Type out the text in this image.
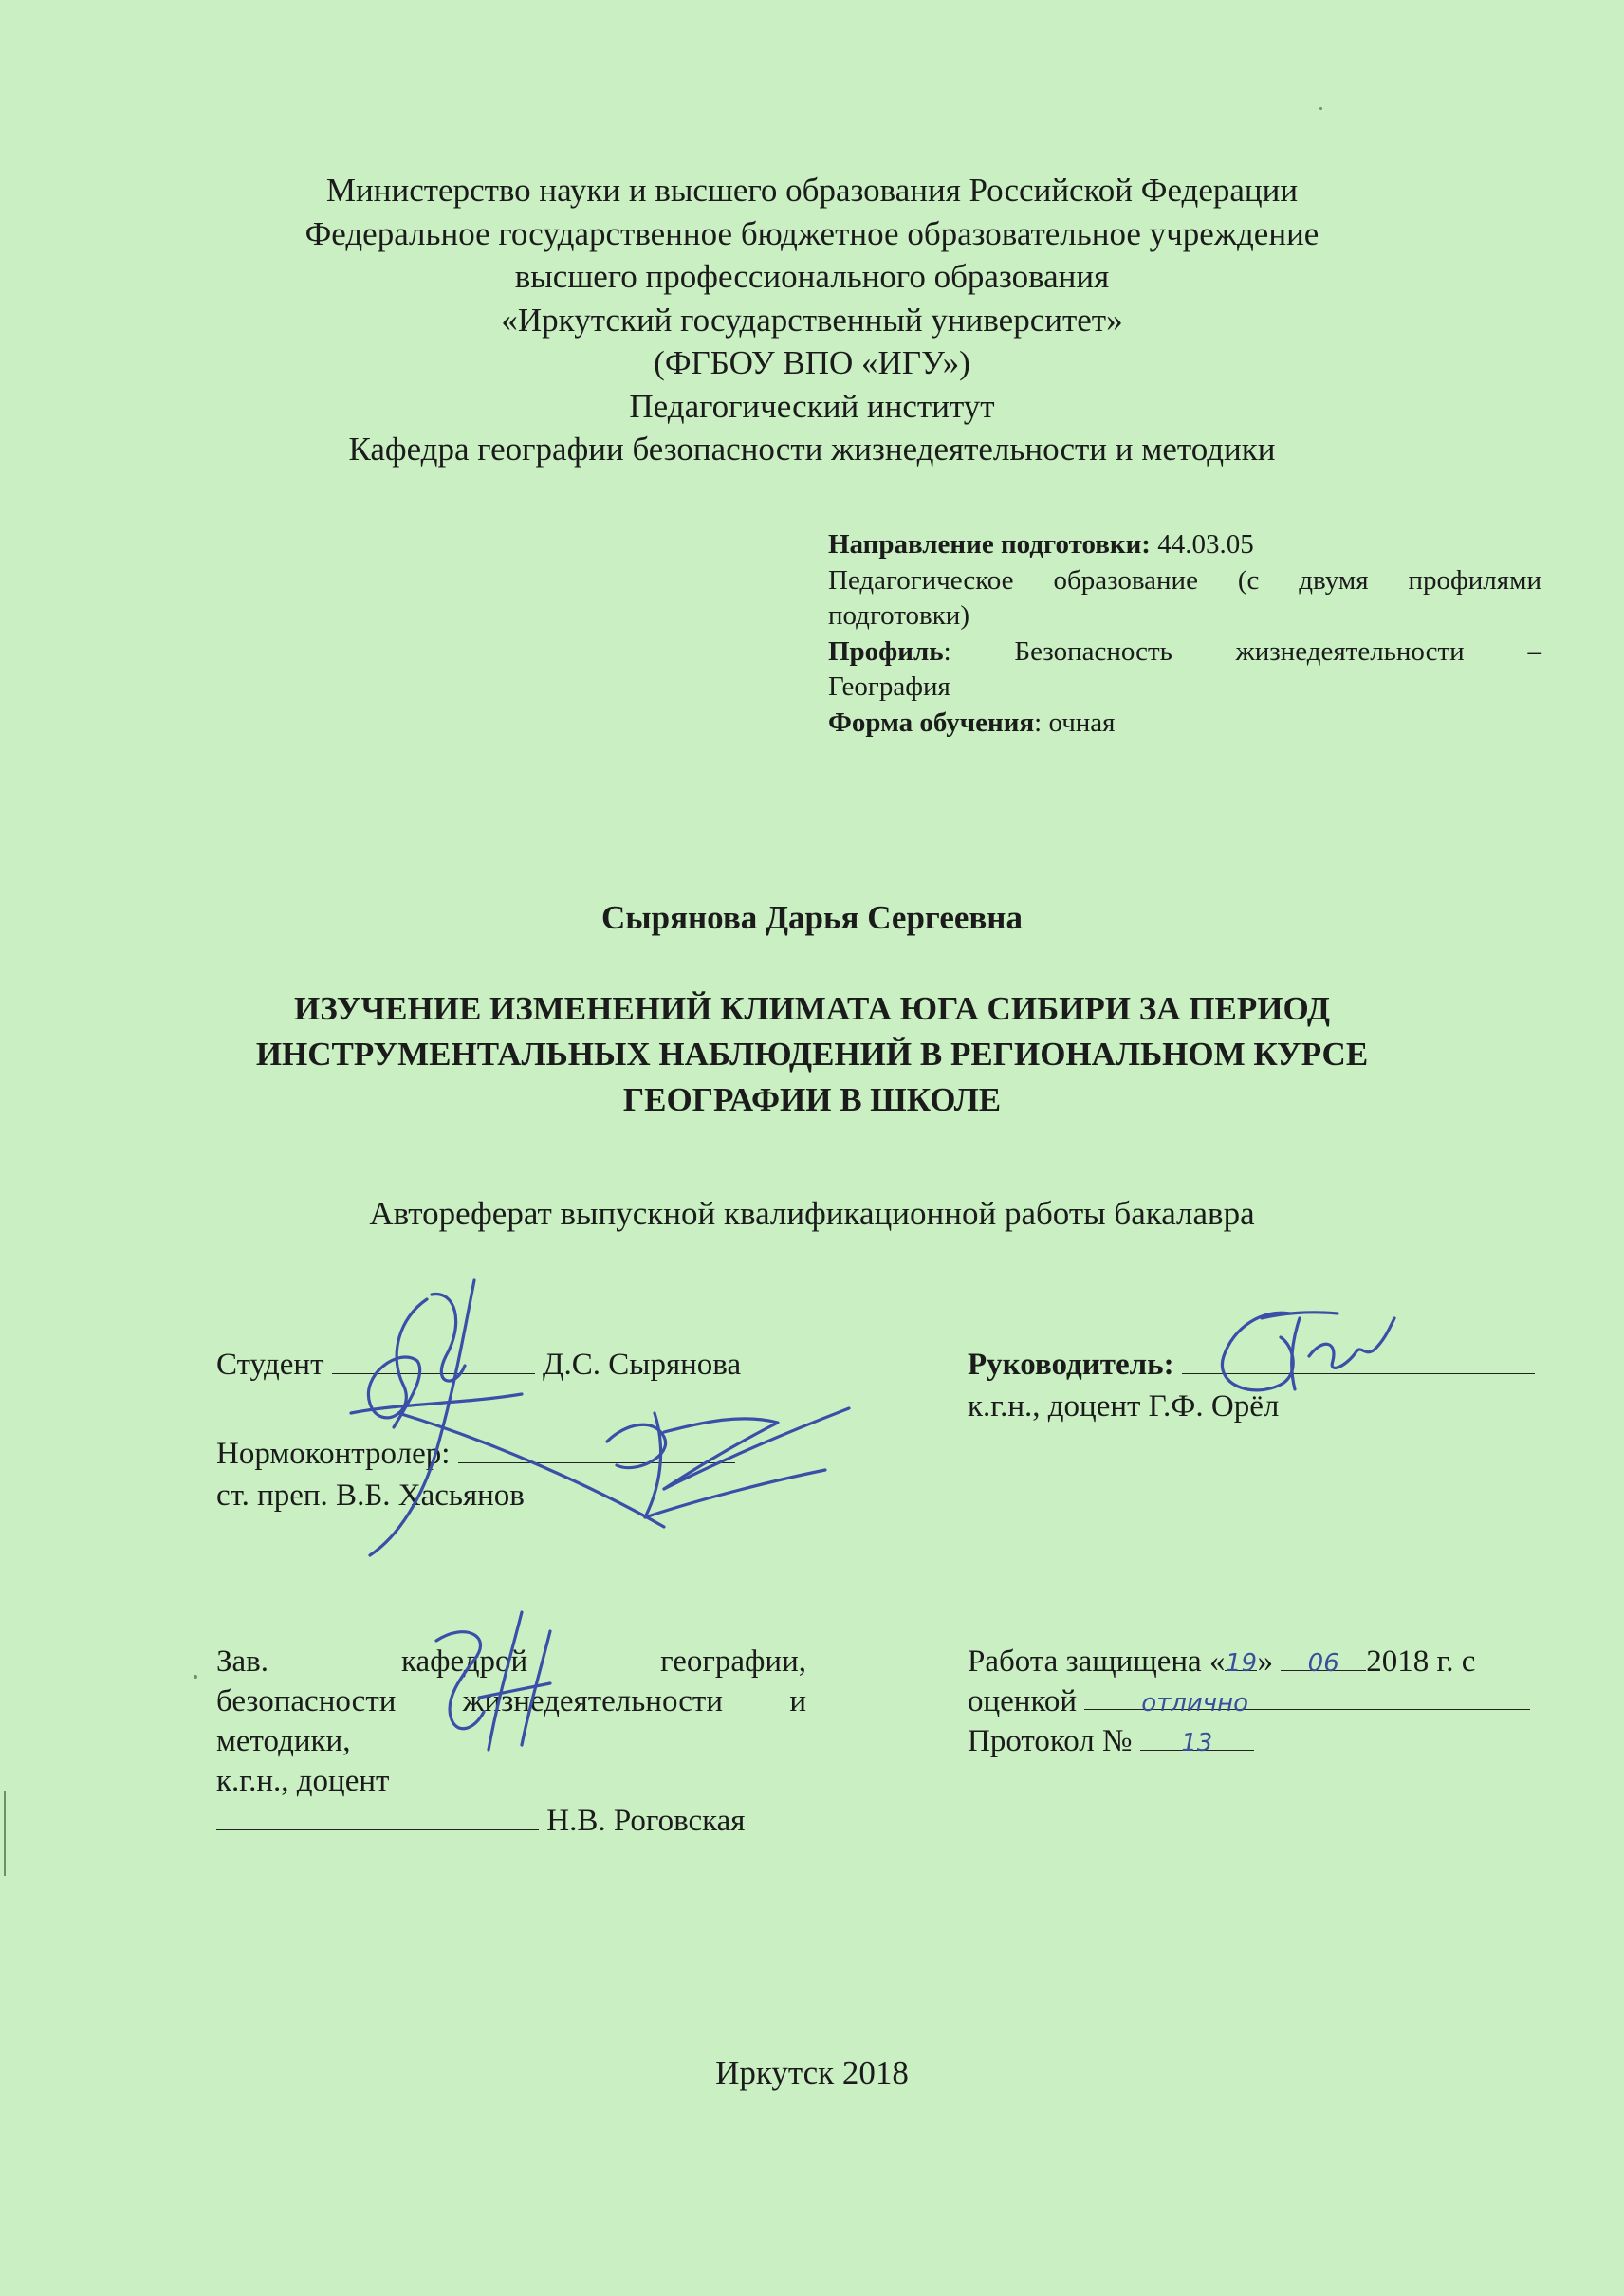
Министерство науки и высшего образования Российской Федерации
Федеральное государственное бюджетное образовательное учреждение
высшего профессионального образования
«Иркутский государственный университет»
(ФГБОУ ВПО «ИГУ»)
Педагогический институт
Кафедра географии безопасности жизнедеятельности и методики
Направление подготовки: 44.03.05
Педагогическое образование (с двумя профилями
подготовки)
Профиль: Безопасность жизнедеятельности –
География
Форма обучения: очная
Сырянова Дарья Сергеевна
ИЗУЧЕНИЕ ИЗМЕНЕНИЙ КЛИМАТА ЮГА СИБИРИ ЗА ПЕРИОД
ИНСТРУМЕНТАЛЬНЫХ НАБЛЮДЕНИЙ В РЕГИОНАЛЬНОМ КУРСЕ
ГЕОГРАФИИ В ШКОЛЕ
Автореферат выпускной квалификационной работы бакалавра
Студент	Д.С. Сырянова	Руководитель:
к.г.н., доцент Г.Ф. Орёл
Нормоконтролер:
ст. преп. В.Б. Хасьянов
Зав.	кафедрой	географии,
безопасности жизнедеятельности и
методики,
к.г.н., доцент
Н.В. Роговская
Работа защищена «19» 06 2018 г. с
оценкой	отлично
Протокол № 13
Иркутск 2018
